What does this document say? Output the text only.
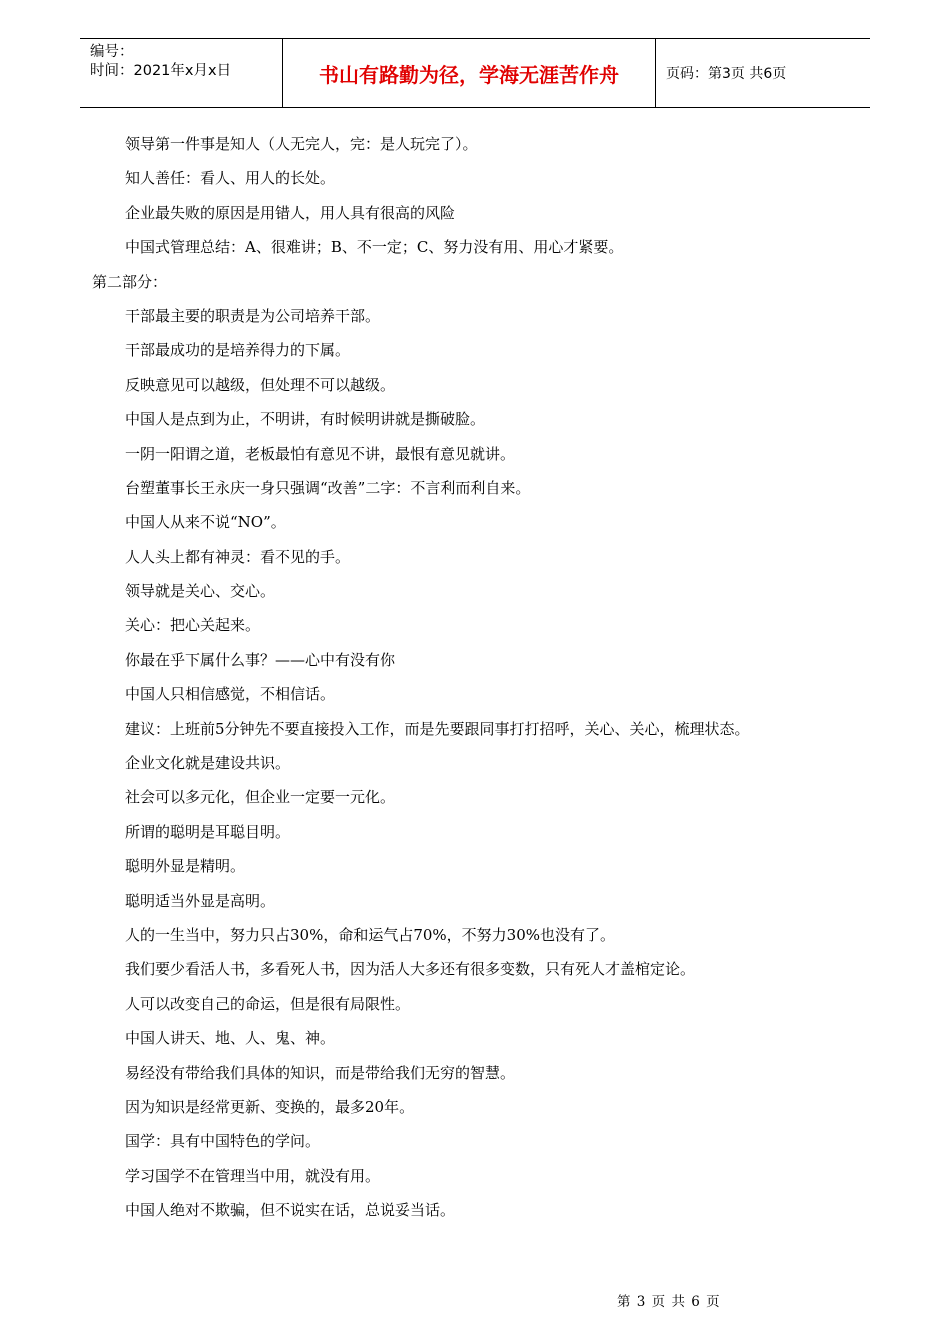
编号：
时间：2021年x月x日	书山有路勤为径，学海无涯苦作舟	页码：第3页 共6页
领导第一件事是知人（人无完人，完：是人玩完了）。
知人善任：看人、用人的长处。
企业最失败的原因是用错人，用人具有很高的风险
中国式管理总结：A、很难讲；B、不一定；C、努力没有用、用心才紧要。
第二部分：
干部最主要的职责是为公司培养干部。
干部最成功的是培养得力的下属。
反映意见可以越级，但处理不可以越级。
中国人是点到为止，不明讲，有时候明讲就是撕破脸。
一阴一阳谓之道，老板最怕有意见不讲，最恨有意见就讲。
台塑董事长王永庆一身只强调“改善”二字：不言利而利自来。
中国人从来不说“NO”。
人人头上都有神灵：看不见的手。
领导就是关心、交心。
关心：把心关起来。
你最在乎下属什么事？——心中有没有你
中国人只相信感觉，不相信话。
建议：上班前5分钟先不要直接投入工作，而是先要跟同事打打招呼，关心、关心，梳理状态。
企业文化就是建设共识。
社会可以多元化，但企业一定要一元化。
所谓的聪明是耳聪目明。
聪明外显是精明。
聪明适当外显是高明。
人的一生当中，努力只占30%，命和运气占70%，不努力30%也没有了。
我们要少看活人书，多看死人书，因为活人大多还有很多变数，只有死人才盖棺定论。
人可以改变自己的命运，但是很有局限性。
中国人讲天、地、人、鬼、神。
易经没有带给我们具体的知识，而是带给我们无穷的智慧。
因为知识是经常更新、变换的，最多20年。
国学：具有中国特色的学问。
学习国学不在管理当中用，就没有用。
中国人绝对不欺骗，但不说实在话，总说妥当话。
第 3 页 共 6 页
